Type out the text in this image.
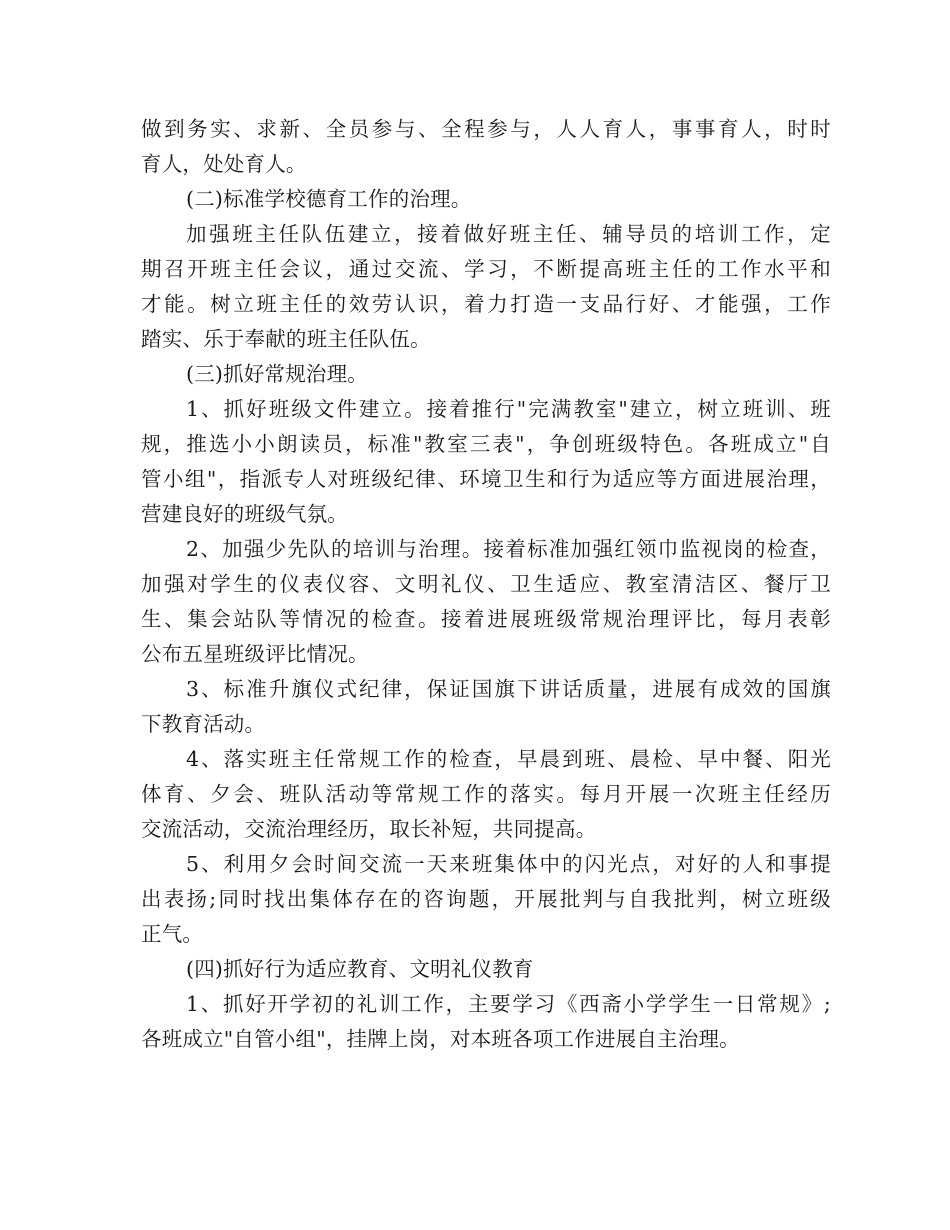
做到务实、求新、全员参与、全程参与，人人育人，事事育人，时时
育人，处处育人。
(二)标准学校德育工作的治理。
加强班主任队伍建立，接着做好班主任、辅导员的培训工作，定
期召开班主任会议，通过交流、学习，不断提高班主任的工作水平和
才能。树立班主任的效劳认识，着力打造一支品行好、才能强，工作
踏实、乐于奉献的班主任队伍。
(三)抓好常规治理。
1、抓好班级文件建立。接着推行"完满教室"建立，树立班训、班
规，推选小小朗读员，标准"教室三表"，争创班级特色。各班成立"自
管小组"，指派专人对班级纪律、环境卫生和行为适应等方面进展治理，
营建良好的班级气氛。
2、加强少先队的培训与治理。接着标准加强红领巾监视岗的检查，
加强对学生的仪表仪容、文明礼仪、卫生适应、教室清洁区、餐厅卫
生、集会站队等情况的检查。接着进展班级常规治理评比，每月表彰
公布五星班级评比情况。
3、标准升旗仪式纪律，保证国旗下讲话质量，进展有成效的国旗
下教育活动。
4、落实班主任常规工作的检查，早晨到班、晨检、早中餐、阳光
体育、夕会、班队活动等常规工作的落实。每月开展一次班主任经历
交流活动，交流治理经历，取长补短，共同提高。
5、利用夕会时间交流一天来班集体中的闪光点，对好的人和事提
出表扬;同时找出集体存在的咨询题，开展批判与自我批判，树立班级
正气。
(四)抓好行为适应教育、文明礼仪教育
1、抓好开学初的礼训工作，主要学习《西斋小学学生一日常规》;
各班成立"自管小组"，挂牌上岗，对本班各项工作进展自主治理。
